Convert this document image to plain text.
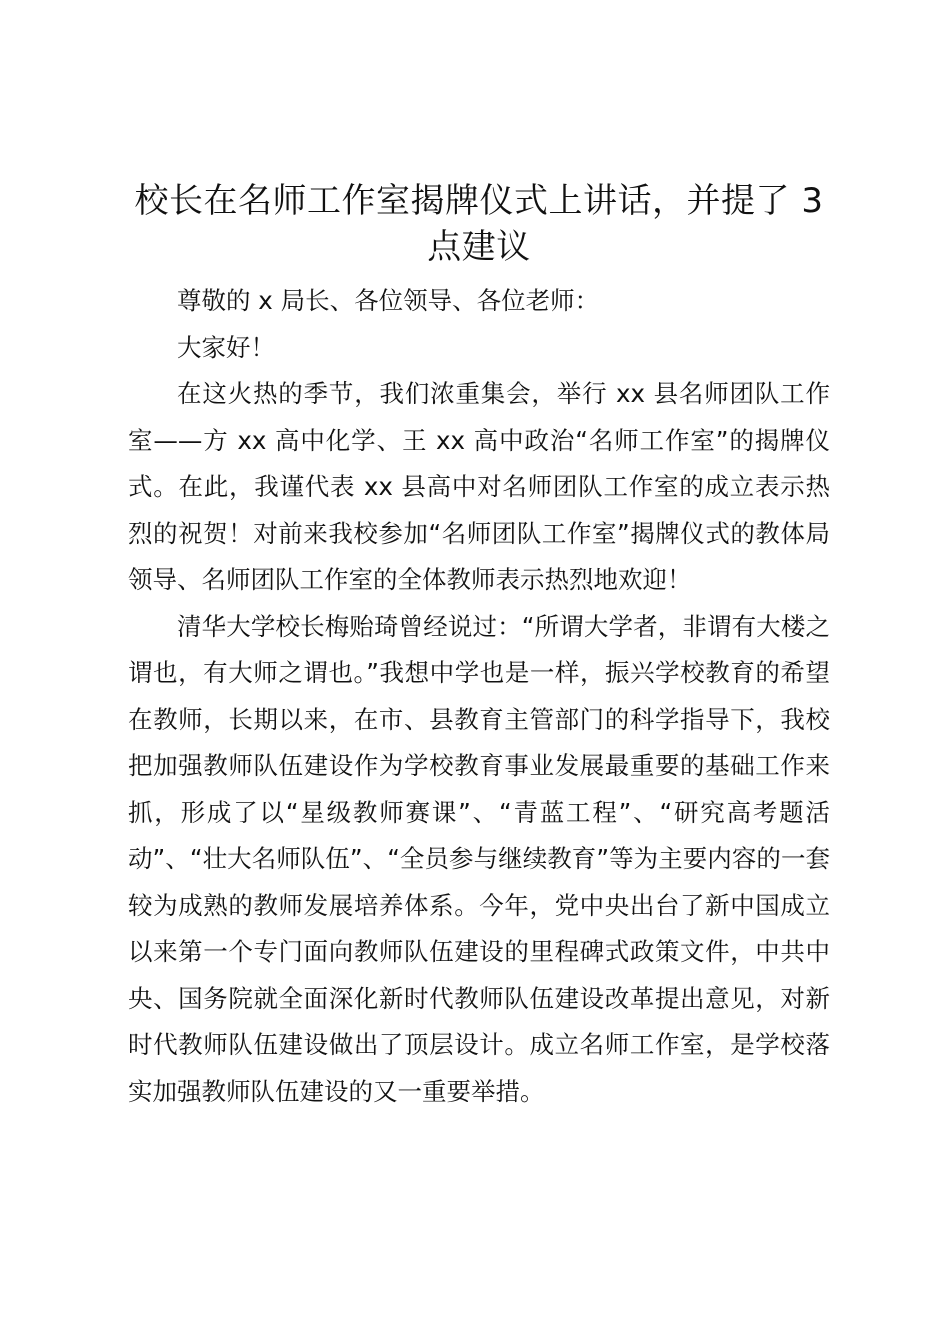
校长在名师工作室揭牌仪式上讲话，并提了 3 点建议

尊敬的 x 局长、各位领导、各位老师：

大家好！

在这火热的季节，我们浓重集会，举行 xx 县名师团队工作室——方 xx 高中化学、王 xx 高中政治“名师工作室”的揭牌仪式。在此，我谨代表 xx 县高中对名师团队工作室的成立表示热烈的祝贺！对前来我校参加“名师团队工作室”揭牌仪式的教体局领导、名师团队工作室的全体教师表示热烈地欢迎！

清华大学校长梅贻琦曾经说过：“所谓大学者，非谓有大楼之谓也，有大师之谓也。”我想中学也是一样，振兴学校教育的希望在教师，长期以来，在市、县教育主管部门的科学指导下，我校把加强教师队伍建设作为学校教育事业发展最重要的基础工作来抓，形成了以“星级教师赛课”、“青蓝工程”、“研究高考题活动”、“壮大名师队伍”、“全员参与继续教育”等为主要内容的一套较为成熟的教师发展培养体系。今年，党中央出台了新中国成立以来第一个专门面向教师队伍建设的里程碑式政策文件，中共中央、国务院就全面深化新时代教师队伍建设改革提出意见，对新时代教师队伍建设做出了顶层设计。成立名师工作室，是学校落实加强教师队伍建设的又一重要举措。
